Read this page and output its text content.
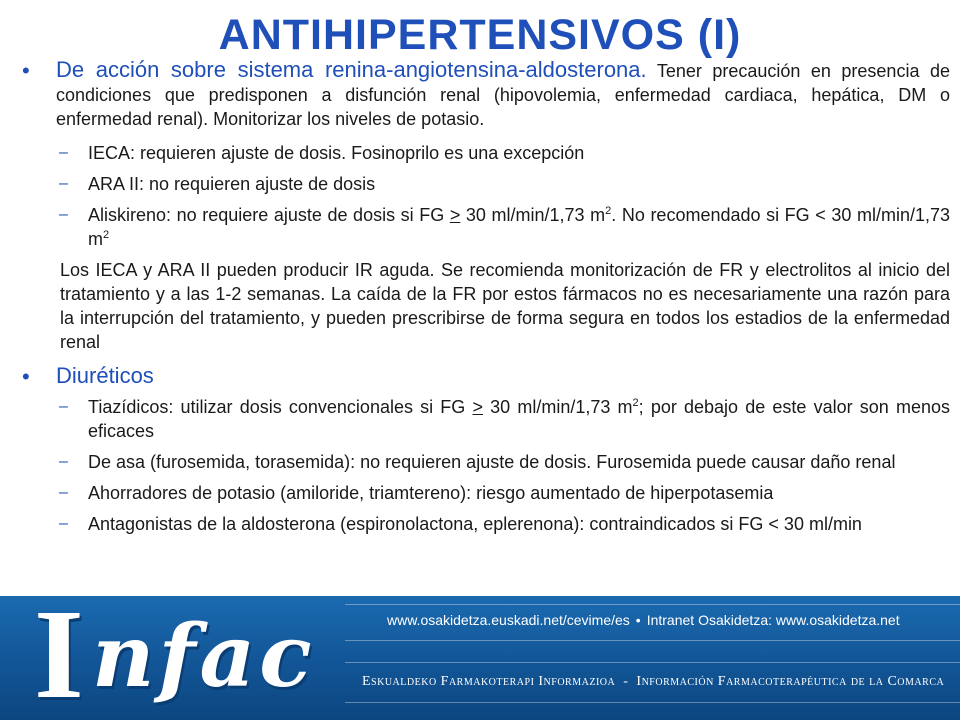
ANTIHIPERTENSIVOS (I)
• De acción sobre sistema renina-angiotensina-aldosterona. Tener precaución en presencia de condiciones que predisponen a disfunción renal (hipovolemia, enfermedad cardiaca, hepática, DM o enfermedad renal). Monitorizar los niveles de potasio.

– IECA: requieren ajuste de dosis. Fosinoprilo es una excepción
– ARA II: no requieren ajuste de dosis
– Aliskireno: no requiere ajuste de dosis si FG ≥ 30 ml/min/1,73 $m^2$. No recomendado si FG < 30 ml/min/1,73 $m^2$

Los IECA y ARA II pueden producir IR aguda. Se recomienda monitorización de FR y electrolitos al inicio del tratamiento y a las 1-2 semanas. La caída de la FR por estos fármacos no es necesariamente una razón para la interrupción del tratamiento, y pueden prescribirse de forma segura en todos los estadios de la enfermedad renal

• Diuréticos

– Tiazídicos: utilizar dosis convencionales si FG ≥ 30 ml/min/1,73 $m^2$; por debajo de este valor son menos eficaces
– De asa (furosemida, torasemida): no requieren ajuste de dosis. Furosemida puede causar daño renal
– Ahorradores de potasio (amiloride, triamtereno): riesgo aumentado de hiperpotasemia
– Antagonistas de la aldosterona (espironolactona, eplerenona): contraindicados si FG < 30 ml/min
I nfac	www.osakidetza.euskadi.net/cevime/es • Intranet Osakidetza: www.osakidetza.net
Eskualdeko Farmakoterapi Informazioa - Información Farmacoterapéutica de la Comarca
